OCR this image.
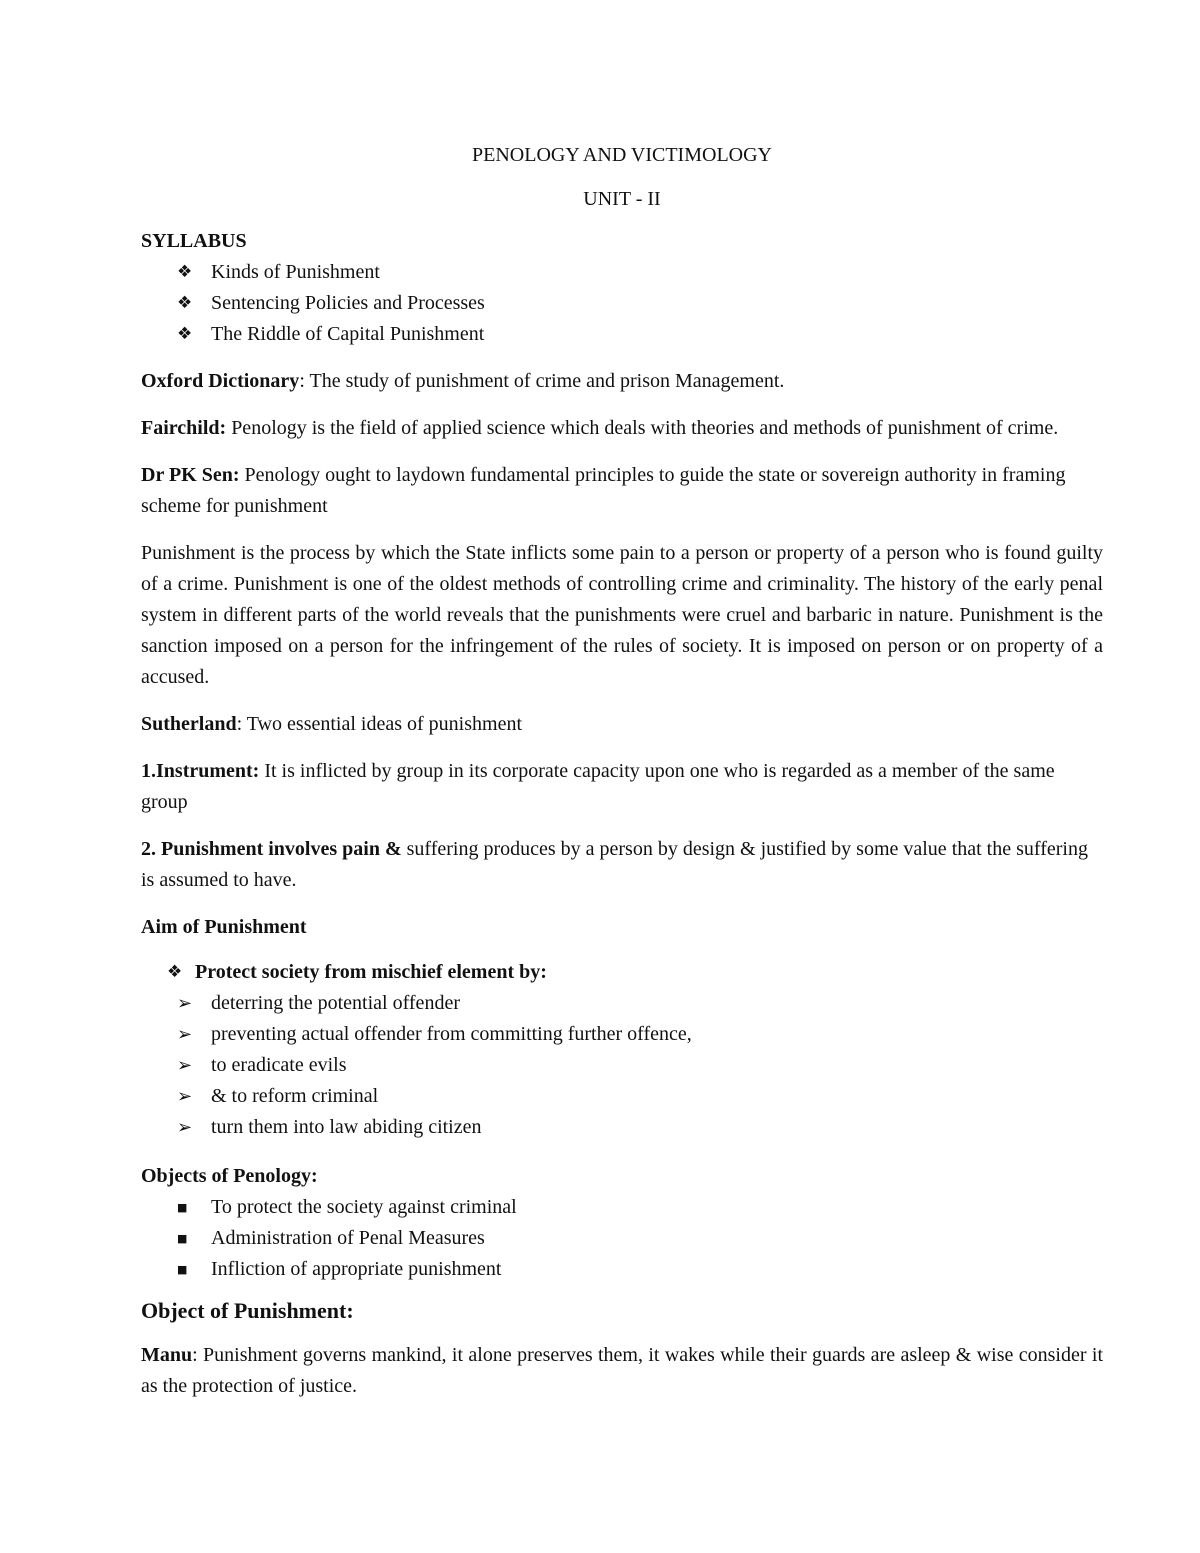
PENOLOGY AND VICTIMOLOGY

UNIT - II

SYLLABUS

❖ Kinds of Punishment
❖ Sentencing Policies and Processes
❖ The Riddle of Capital Punishment

Oxford Dictionary: The study of punishment of crime and prison Management.

Fairchild: Penology is the field of applied science which deals with theories and methods of punishment of crime.

Dr PK Sen: Penology ought to laydown fundamental principles to guide the state or sovereign authority in framing scheme for punishment

Punishment is the process by which the State inflicts some pain to a person or property of a person who is found guilty of a crime. Punishment is one of the oldest methods of controlling crime and criminality. The history of the early penal system in different parts of the world reveals that the punishments were cruel and barbaric in nature. Punishment is the sanction imposed on a person for the infringement of the rules of society. It is imposed on person or on property of a accused.

Sutherland: Two essential ideas of punishment

1.Instrument: It is inflicted by group in its corporate capacity upon one who is regarded as a member of the same group

2. Punishment involves pain & suffering produces by a person by design & justified by some value that the suffering is assumed to have.

Aim of Punishment

❖ Protect society from mischief element by:

➢ deterring the potential offender
➢ preventing actual offender from committing further offence,
➢ to eradicate evils
➢ & to reform criminal
➢ turn them into law abiding citizen

Objects of Penology:

■	To protect the society against criminal
■	Administration of Penal Measures
■	Infliction of appropriate punishment

Object of Punishment:

Manu: Punishment governs mankind, it alone preserves them, it wakes while their guards are asleep & wise consider it as the protection of justice.
